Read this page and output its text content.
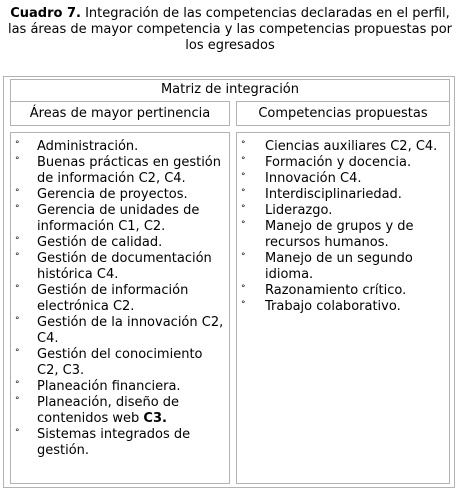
Cuadro 7. Integración de las competencias declaradas en el perfil, las áreas de mayor competencia y las competencias propuestas por los egresados
Matriz de integración
Áreas de mayor pertinencia	Competencias propuestas
° Administración.
° Buenas prácticas en gestión de información C2, C4.
° Gerencia de proyectos.
° Gerencia de unidades de información C1, C2.
° Gestión de calidad.
° Gestión de documentación histórica C4.
° Gestión de información electrónica C2.
° Gestión de la innovación C2, C4.
° Gestión del conocimiento C2, C3.
° Planeación financiera.
° Planeación, diseño de contenidos web C3.
° Sistemas integrados de gestión.
° Ciencias auxiliares C2, C4.
° Formación y docencia.
° Innovación C4.
° Interdisciplinariedad.
° Liderazgo.
° Manejo de grupos y de recursos humanos.
° Manejo de un segundo idioma.
° Razonamiento crítico.
° Trabajo colaborativo.
